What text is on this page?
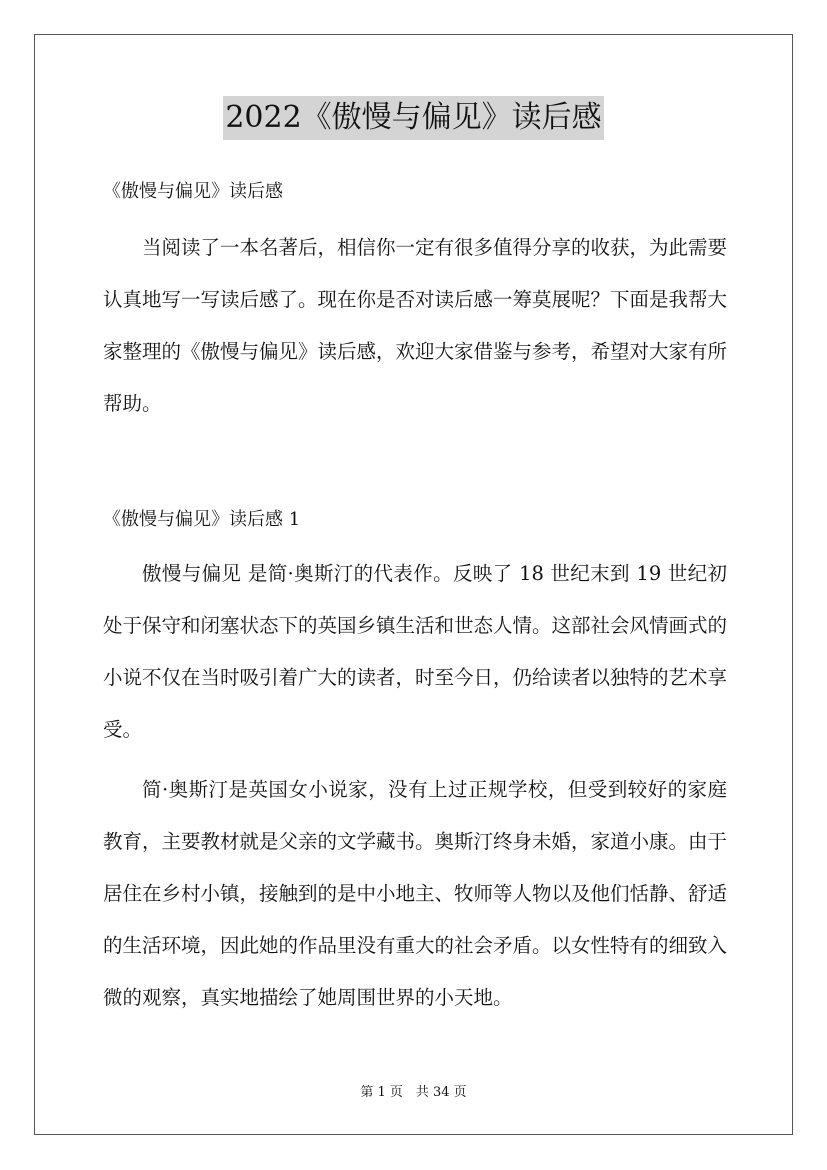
2022《傲慢与偏见》读后感
《傲慢与偏见》读后感

当阅读了一本名著后，相信你一定有很多值得分享的收获，为此需要认真地写一写读后感了。现在你是否对读后感一筹莫展呢？下面是我帮大家整理的《傲慢与偏见》读后感，欢迎大家借鉴与参考，希望对大家有所帮助。

《傲慢与偏见》读后感 1

傲慢与偏见 是简·奥斯汀的代表作。反映了 18 世纪末到 19 世纪初处于保守和闭塞状态下的英国乡镇生活和世态人情。这部社会风情画式的小说不仅在当时吸引着广大的读者，时至今日，仍给读者以独特的艺术享受。

简·奥斯汀是英国女小说家，没有上过正规学校，但受到较好的家庭教育，主要教材就是父亲的文学藏书。奥斯汀终身未婚，家道小康。由于居住在乡村小镇，接触到的是中小地主、牧师等人物以及他们恬静、舒适的生活环境，因此她的作品里没有重大的社会矛盾。以女性特有的细致入微的观察，真实地描绘了她周围世界的小天地。

第 1 页　共 34 页
